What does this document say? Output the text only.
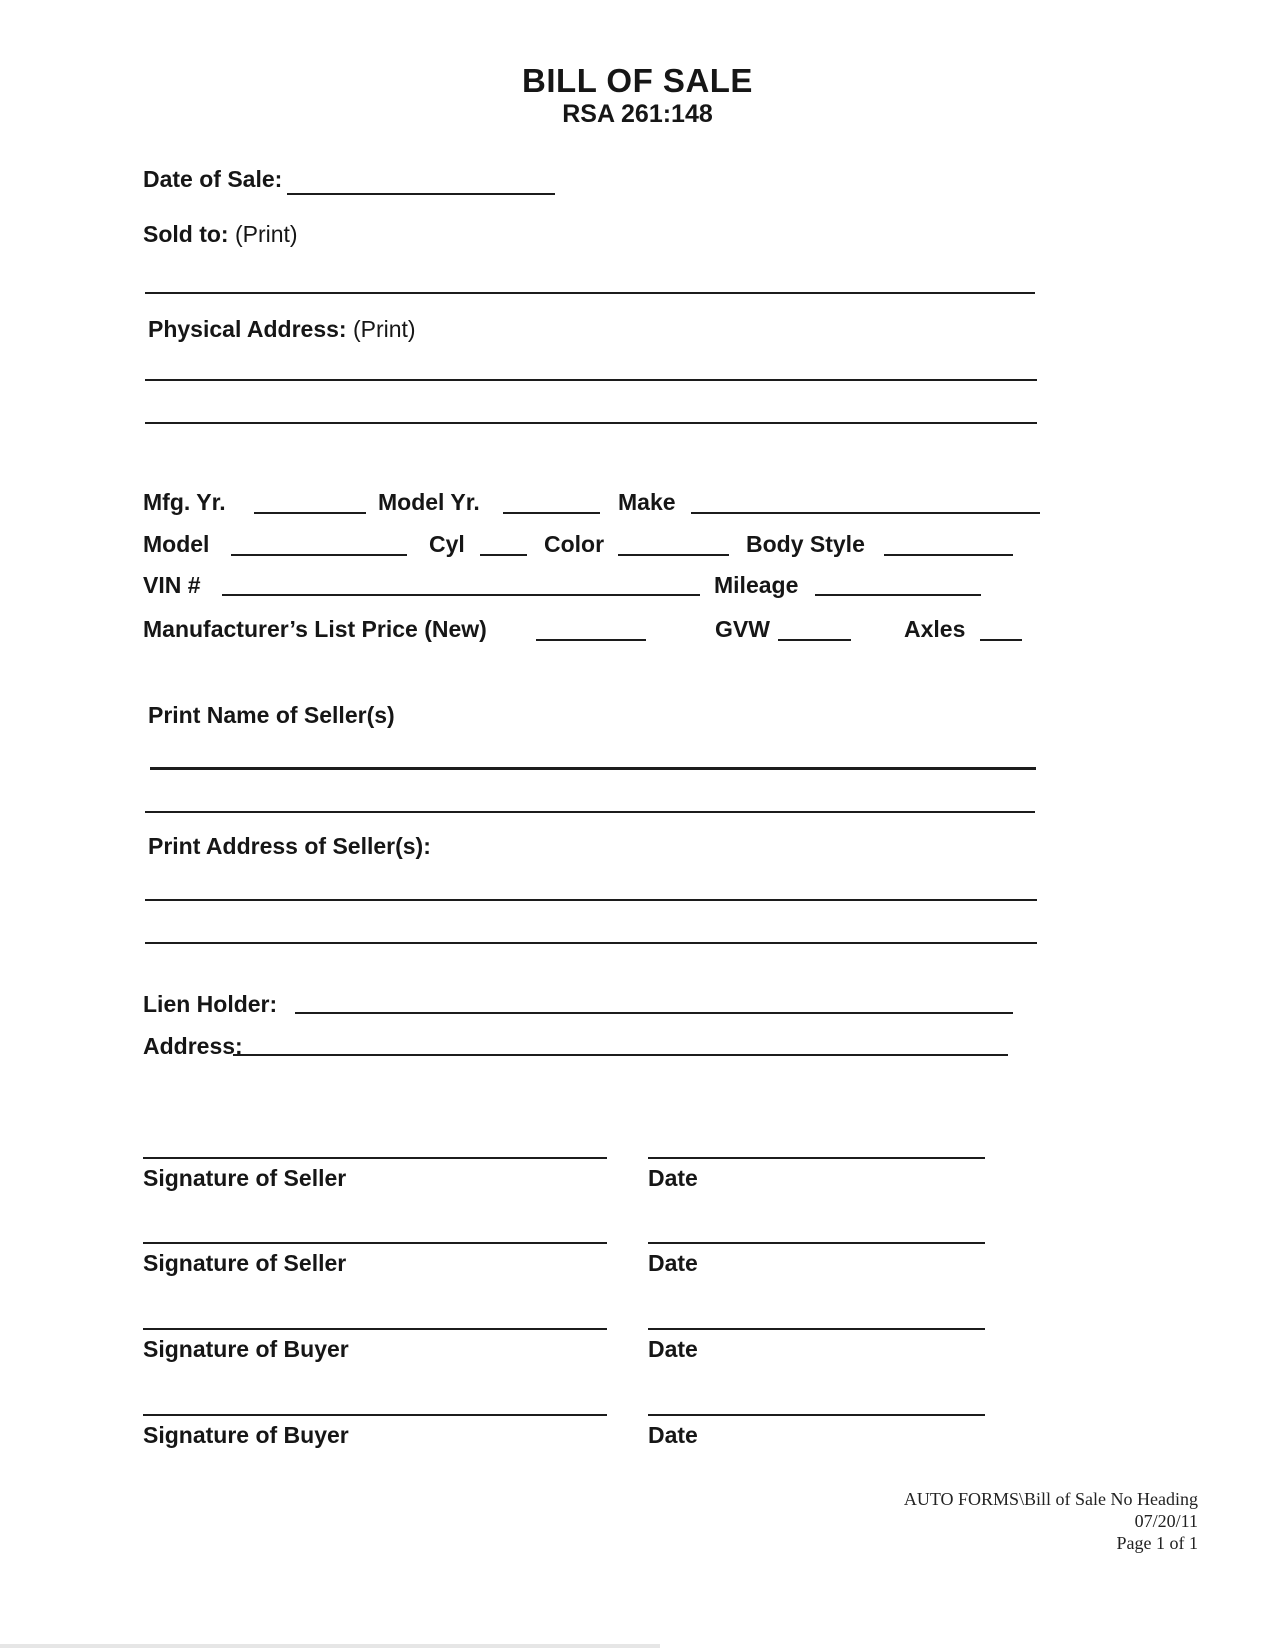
BILL OF SALE
RSA 261:148
Date of Sale:
Sold to: (Print)
Physical Address: (Print)
Mfg. Yr.	Model Yr.	Make
Model	Cyl	Color	Body Style
VIN #	Mileage
Manufacturer’s List Price (New)	GVW	Axles
Print Name of Seller(s)
Print Address of Seller(s):
Lien Holder:
Address:
Signature of Seller	Date
Signature of Seller	Date
Signature of Buyer	Date
Signature of Buyer	Date
AUTO FORMS\Bill of Sale No Heading
07/20/11
Page 1 of 1
